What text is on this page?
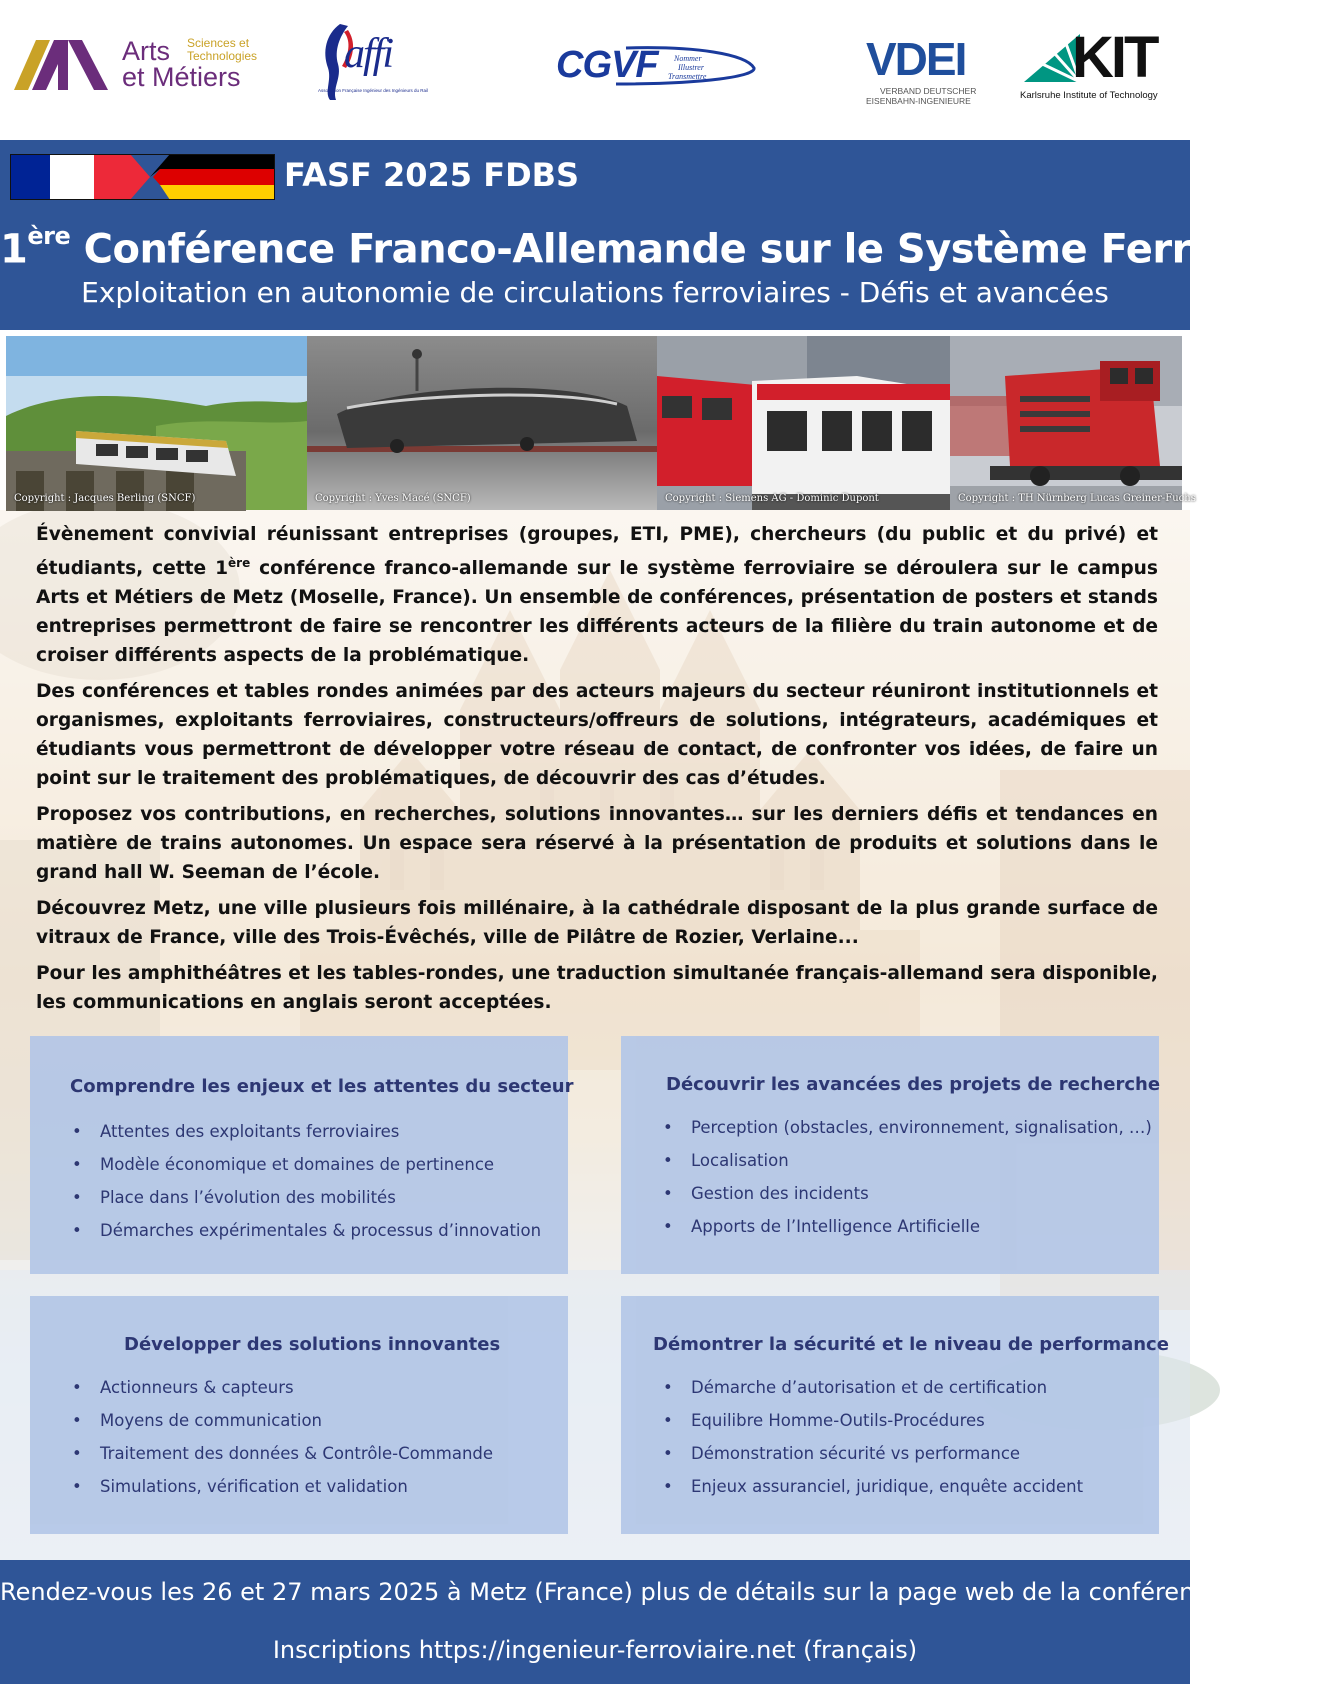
Arts Sciences et
Technologies
et Métiers affi
Association Française Ingénieur des Ingénieurs du Rail
CGVF Nommer
Illustrer
Transmettre	VDEI
VERBAND DEUTSCHER
EISENBAHN-INGENIEURE
KIT
Karlsruhe Institute of Technology
FASF 2025 FDBS
1ère Conférence Franco-Allemande sur le Système Ferroviaire
Exploitation en autonomie de circulations ferroviaires - Défis et avancées
Copyright : Jacques Berling (SNCF)	Copyright : Yves Macé (SNCF)	Copyright : Siemens AG - Dominic Dupont	Copyright : TH Nürnberg Lucas Greiner-Fuchs

Évènement convivial réunissant entreprises (groupes, ETI, PME), chercheurs (du public et du privé) et étudiants, cette 1ère conférence franco-allemande sur le système ferroviaire se déroulera sur le campus Arts et Métiers de Metz (Moselle, France). Un ensemble de conférences, présentation de posters et stands entreprises permettront de faire se rencontrer les différents acteurs de la filière du train autonome et de croiser différents aspects de la problématique.

Des conférences et tables rondes animées par des acteurs majeurs du secteur réuniront institutionnels et organismes, exploitants ferroviaires, constructeurs/offreurs de solutions, intégrateurs, académiques et étudiants vous permettront de développer votre réseau de contact, de confronter vos idées, de faire un point sur le traitement des problématiques, de découvrir des cas d’études.

Proposez vos contributions, en recherches, solutions innovantes… sur les derniers défis et tendances en matière de trains autonomes. Un espace sera réservé à la présentation de produits et solutions dans le grand hall W. Seeman de l’école.

Découvrez Metz, une ville plusieurs fois millénaire, à la cathédrale disposant de la plus grande surface de vitraux de France, ville des Trois-Évêchés, ville de Pilâtre de Rozier, Verlaine...

Pour les amphithéâtres et les tables-rondes, une traduction simultanée français-allemand sera disponible, les communications en anglais seront acceptées.

Comprendre les enjeux et les attentes du secteur
• Attentes des exploitants ferroviaires
• Modèle économique et domaines de pertinence
• Place dans l’évolution des mobilités
• Démarches expérimentales & processus d’innovation
Découvrir les avancées des projets de recherche
• Perception (obstacles, environnement, signalisation, …)
• Localisation
• Gestion des incidents
• Apports de l’Intelligence Artificielle
Développer des solutions innovantes
• Actionneurs & capteurs
• Moyens de communication
• Traitement des données & Contrôle-Commande
• Simulations, vérification et validation
Démontrer la sécurité et le niveau de performance
• Démarche d’autorisation et de certification
• Equilibre Homme-Outils-Procédures
• Démonstration sécurité vs performance
• Enjeux assuranciel, juridique, enquête accident
Rendez-vous les 26 et 27 mars 2025 à Metz (France) plus de détails sur la page web de la conférence
Inscriptions https://ingenieur-ferroviaire.net (français)
